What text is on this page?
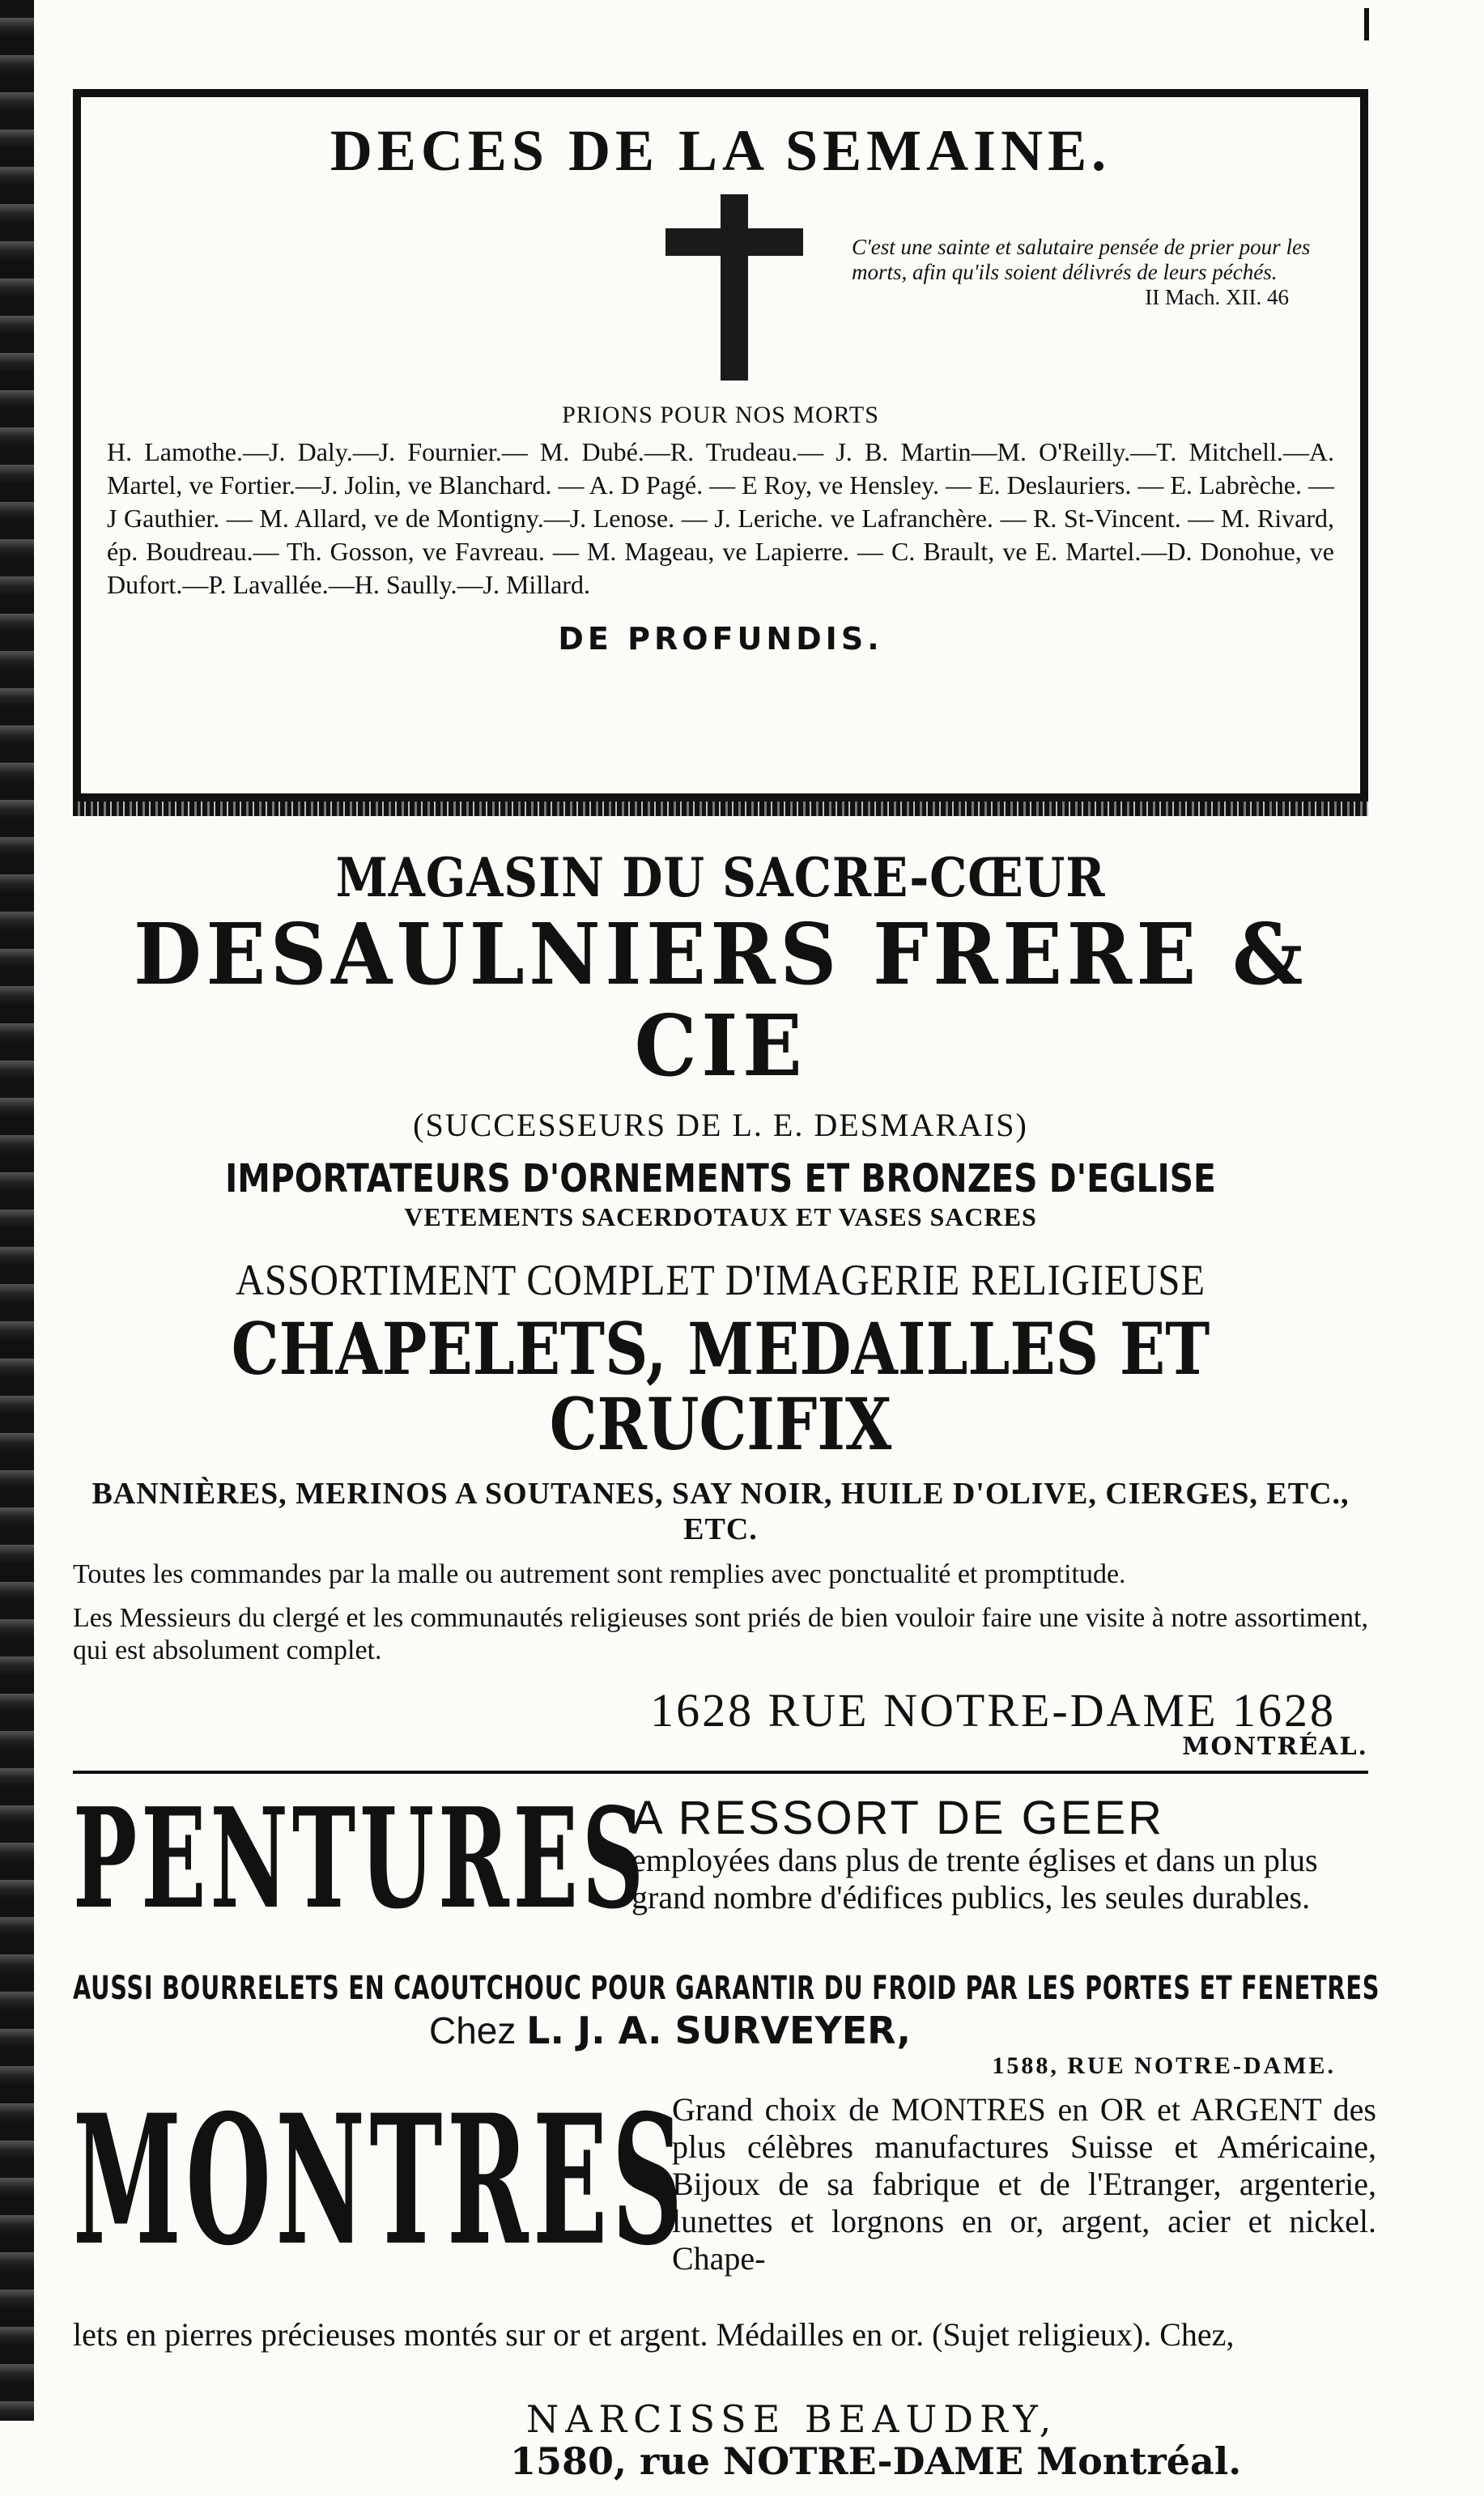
DECES DE LA SEMAINE.
C'est une sainte et salutaire pensée de prier pour les morts, afin qu'ils soient délivrés de leurs péchés.
II Mach. XII. 46
PRIONS POUR NOS MORTS
H. Lamothe.—J. Daly.—J. Fournier.— M. Dubé.—R. Trudeau.— J. B. Martin—M. O'Reilly.—T. Mitchell.—A. Martel, ve Fortier.—J. Jolin, ve Blanchard. — A. D Pagé. — E Roy, ve Hensley. — E. Deslauriers. — E. Labrèche. — J Gauthier. — M. Allard, ve de Montigny.—J. Lenose. — J. Leriche. ve Lafranchère. — R. St-Vincent. — M. Rivard, ép. Boudreau.— Th. Gosson, ve Favreau. — M. Mageau, ve Lapierre. — C. Brault, ve E. Martel.—D. Donohue, ve Dufort.—P. Lavallée.—H. Saully.—J. Millard.
DE PROFUNDIS.
MAGASIN DU SACRE-CŒUR
DESAULNIERS FRERE & CIE
(SUCCESSEURS DE L. E. DESMARAIS)
IMPORTATEURS D'ORNEMENTS ET BRONZES D'EGLISE
VETEMENTS SACERDOTAUX ET VASES SACRES
ASSORTIMENT COMPLET D'IMAGERIE RELIGIEUSE
CHAPELETS, MEDAILLES ET CRUCIFIX
BANNIÈRES, MERINOS A SOUTANES, SAY NOIR, HUILE D'OLIVE, CIERGES, ETC., ETC.
Toutes les commandes par la malle ou autrement sont remplies avec ponctualité et promptitude.
Les Messieurs du clergé et les communautés religieuses sont priés de bien vouloir faire une visite à notre assortiment, qui est absolument complet.
1628 RUE NOTRE-DAME 1628
MONTRÉAL.
PENTURES
A RESSORT DE GEER
employées dans plus de trente églises et dans un plus grand nombre d'édifices publics, les seules durables.
AUSSI BOURRELETS EN CAOUTCHOUC POUR GARANTIR DU FROID PAR LES PORTES ET FENETRES
Chez L. J. A. SURVEYER,
1588, RUE NOTRE-DAME.
MONTRES
Grand choix de MONTRES en OR et ARGENT des plus célèbres manufactures Suisse et Américaine, Bijoux de sa fabrique et de l'Etranger, argenterie, lunettes et lorgnons en or, argent, acier et nickel. Chape-
lets en pierres précieuses montés sur or et argent. Médailles en or. (Sujet religieux). Chez,
NARCISSE BEAUDRY,
1580, rue NOTRE-DAME Montréal.
